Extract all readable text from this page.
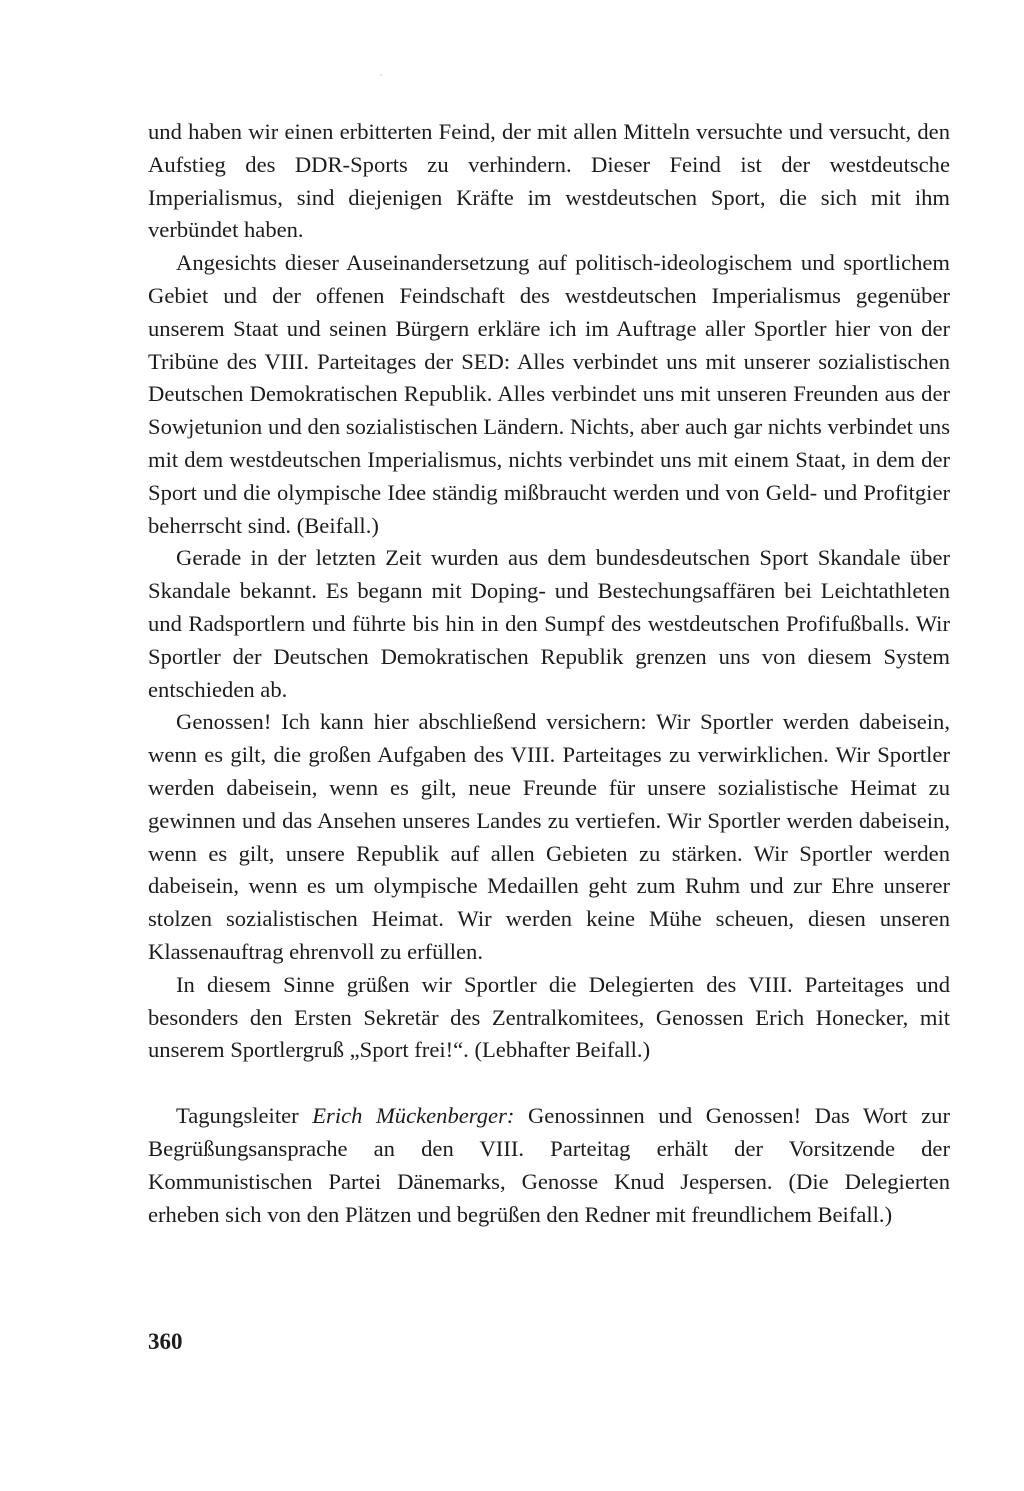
und haben wir einen erbitterten Feind, der mit allen Mitteln versuchte und versucht, den Aufstieg des DDR-Sports zu verhindern. Dieser Feind ist der westdeutsche Imperialismus, sind diejenigen Kräfte im westdeutschen Sport, die sich mit ihm verbündet haben.

Angesichts dieser Auseinandersetzung auf politisch-ideologischem und sportlichem Gebiet und der offenen Feindschaft des westdeutschen Imperialismus gegenüber unserem Staat und seinen Bürgern erkläre ich im Auftrage aller Sportler hier von der Tribüne des VIII. Parteitages der SED: Alles verbindet uns mit unserer sozialistischen Deutschen Demokratischen Republik. Alles verbindet uns mit unseren Freunden aus der Sowjetunion und den sozialistischen Ländern. Nichts, aber auch gar nichts verbindet uns mit dem westdeutschen Imperialismus, nichts verbindet uns mit einem Staat, in dem der Sport und die olympische Idee ständig mißbraucht werden und von Geld- und Profitgier beherrscht sind. (Beifall.)

Gerade in der letzten Zeit wurden aus dem bundesdeutschen Sport Skandale über Skandale bekannt. Es begann mit Doping- und Bestechungsaffären bei Leichtathleten und Radsportlern und führte bis hin in den Sumpf des westdeutschen Profifußballs. Wir Sportler der Deutschen Demokratischen Republik grenzen uns von diesem System entschieden ab.

Genossen! Ich kann hier abschließend versichern: Wir Sportler werden dabeisein, wenn es gilt, die großen Aufgaben des VIII. Parteitages zu verwirklichen. Wir Sportler werden dabeisein, wenn es gilt, neue Freunde für unsere sozialistische Heimat zu gewinnen und das Ansehen unseres Landes zu vertiefen. Wir Sportler werden dabeisein, wenn es gilt, unsere Republik auf allen Gebieten zu stärken. Wir Sportler werden dabeisein, wenn es um olympische Medaillen geht zum Ruhm und zur Ehre unserer stolzen sozialistischen Heimat. Wir werden keine Mühe scheuen, diesen unseren Klassenauftrag ehrenvoll zu erfüllen.

In diesem Sinne grüßen wir Sportler die Delegierten des VIII. Parteitages und besonders den Ersten Sekretär des Zentralkomitees, Genossen Erich Honecker, mit unserem Sportlergruß „Sport frei!“. (Lebhafter Beifall.)

Tagungsleiter Erich Mückenberger: Genossinnen und Genossen! Das Wort zur Begrüßungsansprache an den VIII. Parteitag erhält der Vorsitzende der Kommunistischen Partei Dänemarks, Genosse Knud Jespersen. (Die Delegierten erheben sich von den Plätzen und begrüßen den Redner mit freundlichem Beifall.)

360
